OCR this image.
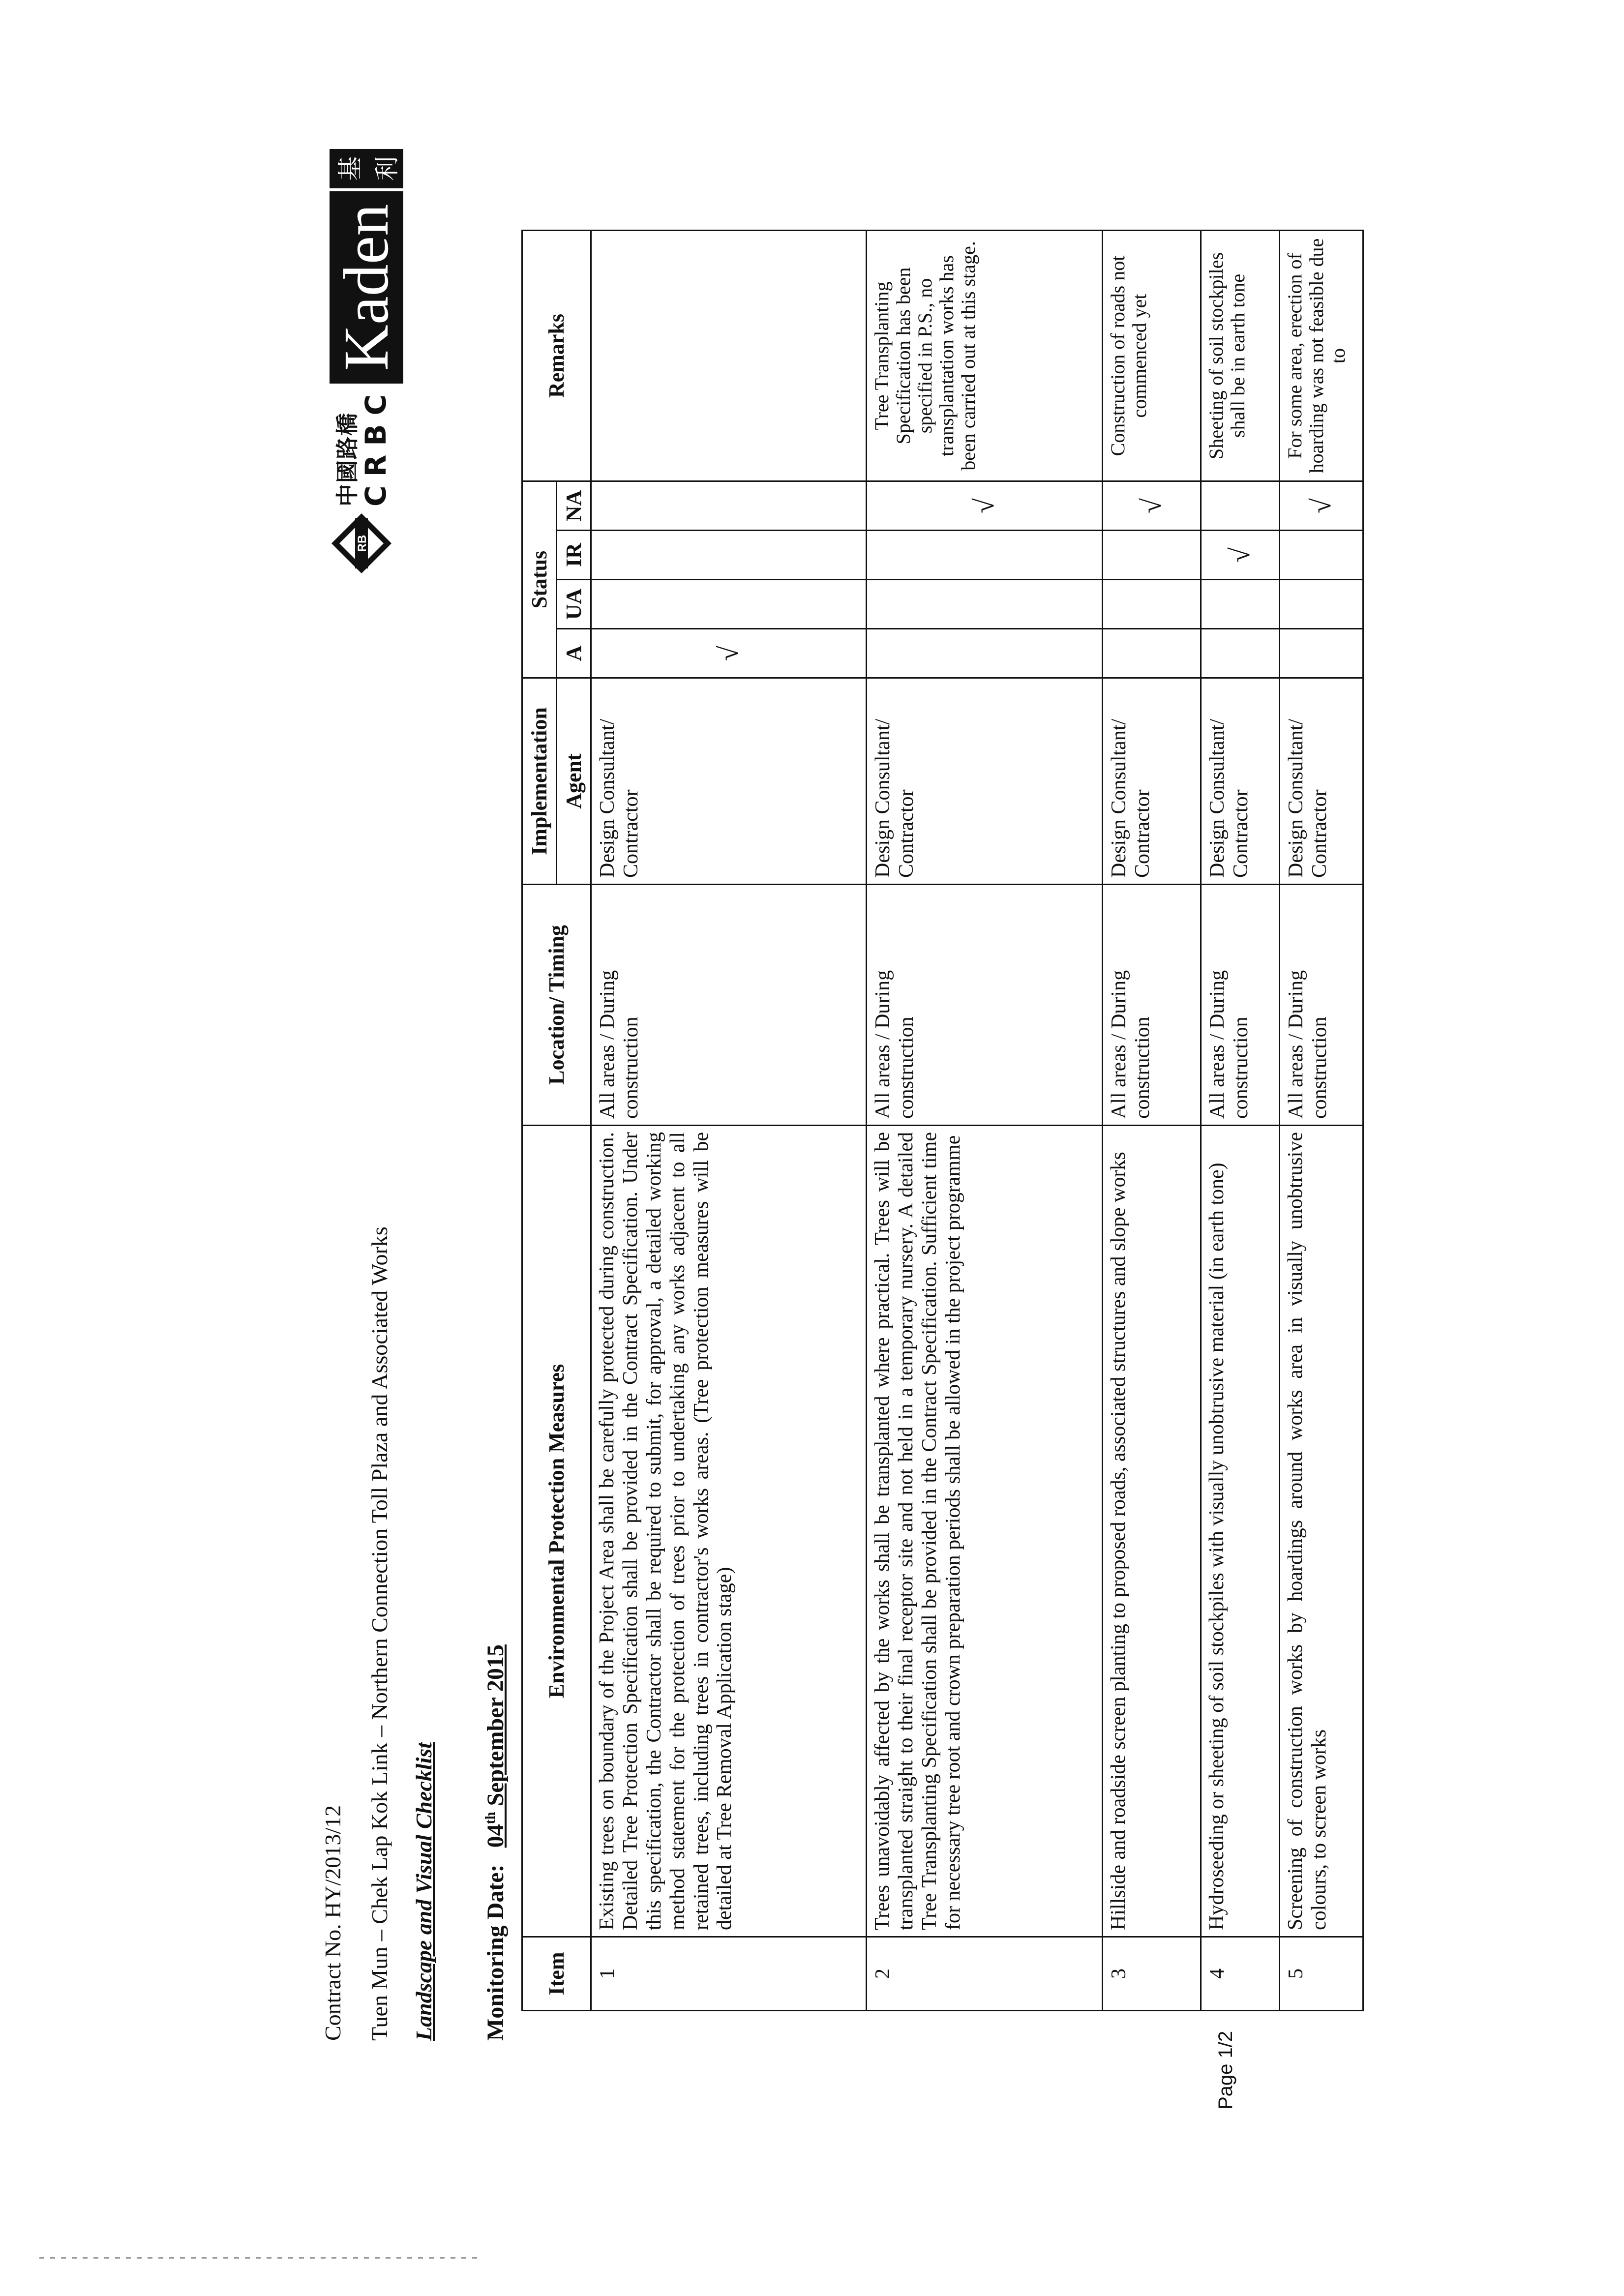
Contract No. HY/2013/12 Tuen Mun – Chek Lap Kok Link – Northern Connection Toll Plaza and Associated Works Landscape and Visual Checklist Monitoring Date: 04th September 2015
RB
中國路橋
CRBC
Kaden
基 利
Item	Environmental Protection Measures	Location/ Timing	Implementation	Status				Remarks
			Agent	A	UA	IR	NA	
1	Existing trees on boundary of the Project Area shall be carefully protected during construction. Detailed Tree Protection Specification shall be provided in the Contract Specification. Under this specification, the Contractor shall be required to submit, for approval, a detailed working method statement for the protection of trees prior to undertaking any works adjacent to all retained trees, including trees in contractor's works areas. (Tree protection measures will be detailed at Tree Removal Application stage)	All areas / During construction	Design Consultant/ Contractor	√				
2	Trees unavoidably affected by the works shall be transplanted where practical. Trees will be transplanted straight to their final receptor site and not held in a temporary nursery. A detailed Tree Transplanting Specification shall be provided in the Contract Specification. Sufficient time for necessary tree root and crown preparation periods shall be allowed in the project programme	All areas / During construction	Design Consultant/ Contractor				√	Tree Transplanting Specification has been specified in P.S., no transplantation works has been carried out at this stage.
3	Hillside and roadside screen planting to proposed roads, associated structures and slope works	All areas / During construction	Design Consultant/ Contractor				√	Construction of roads not commenced yet
4	Hydroseeding or sheeting of soil stockpiles with visually unobtrusive material (in earth tone)	All areas / During construction	Design Consultant/ Contractor			√		Sheeting of soil stockpiles shall be in earth tone
5	Screening of construction works by hoardings around works area in visually unobtrusive colours, to screen works	All areas / During construction	Design Consultant/ Contractor				√	For some area, erection of hoarding was not feasible due to
Page 1/2
